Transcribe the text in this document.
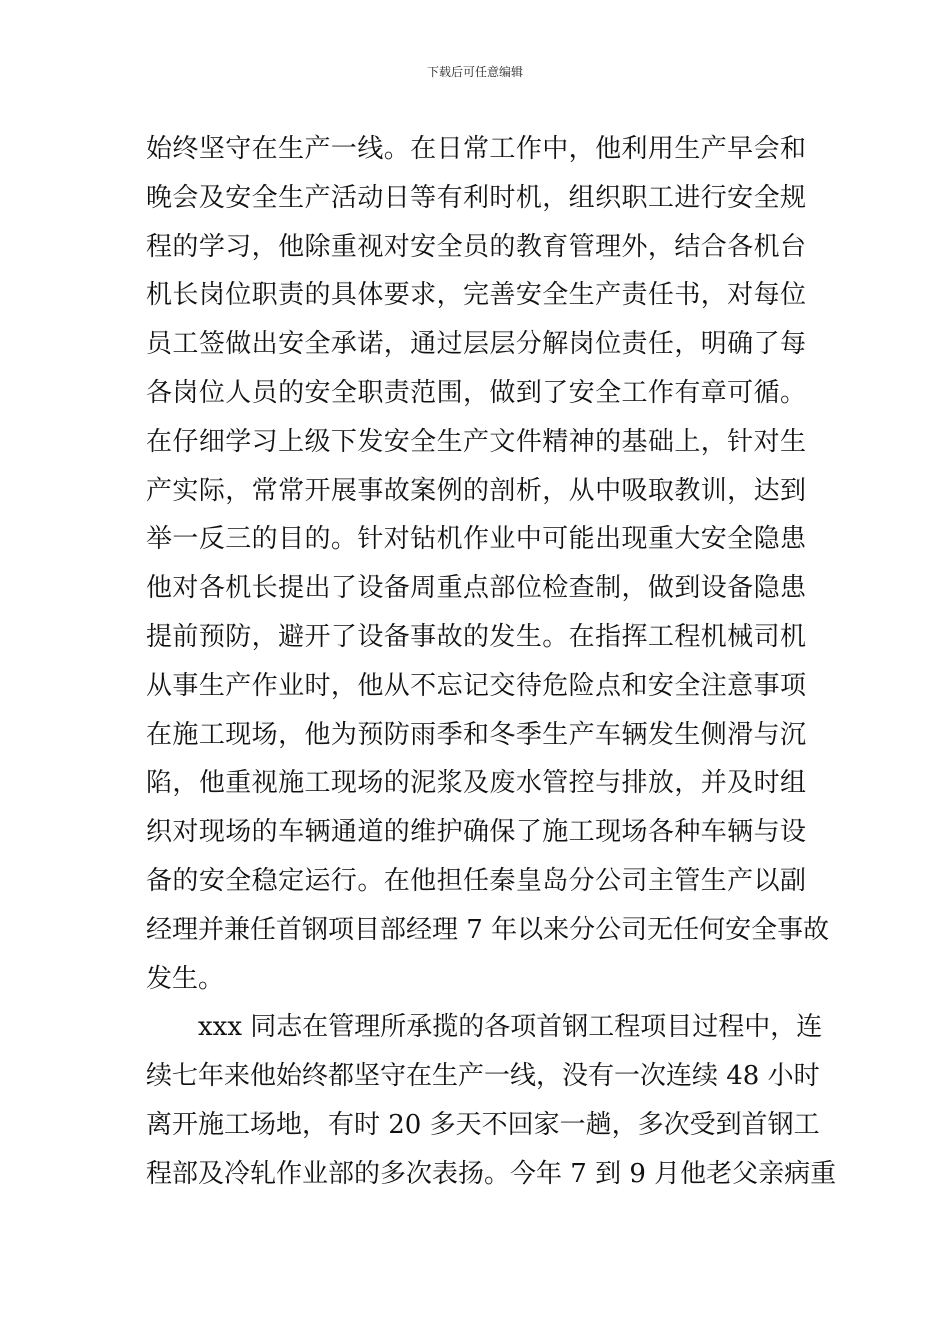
下载后可任意编辑
始终坚守在生产一线。在日常工作中，他利用生产早会和
晚会及安全生产活动日等有利时机，组织职工进行安全规
程的学习，他除重视对安全员的教育管理外，结合各机台
机长岗位职责的具体要求，完善安全生产责任书，对每位
员工签做出安全承诺，通过层层分解岗位责任，明确了每
各岗位人员的安全职责范围，做到了安全工作有章可循。
在仔细学习上级下发安全生产文件精神的基础上，针对生
产实际，常常开展事故案例的剖析，从中吸取教训，达到
举一反三的目的。针对钻机作业中可能出现重大安全隐患
他对各机长提出了设备周重点部位检查制，做到设备隐患
提前预防，避开了设备事故的发生。在指挥工程机械司机
从事生产作业时，他从不忘记交待危险点和安全注意事项
在施工现场，他为预防雨季和冬季生产车辆发生侧滑与沉
陷，他重视施工现场的泥浆及废水管控与排放，并及时组
织对现场的车辆通道的维护确保了施工现场各种车辆与设
备的安全稳定运行。在他担任秦皇岛分公司主管生产以副
经理并兼任首钢项目部经理 7 年以来分公司无任何安全事故
发生。
xxx 同志在管理所承揽的各项首钢工程项目过程中，连
续七年来他始终都坚守在生产一线，没有一次连续 48 小时
离开施工场地，有时 20 多天不回家一趟，多次受到首钢工
程部及冷轧作业部的多次表扬。今年 7 到 9 月他老父亲病重
